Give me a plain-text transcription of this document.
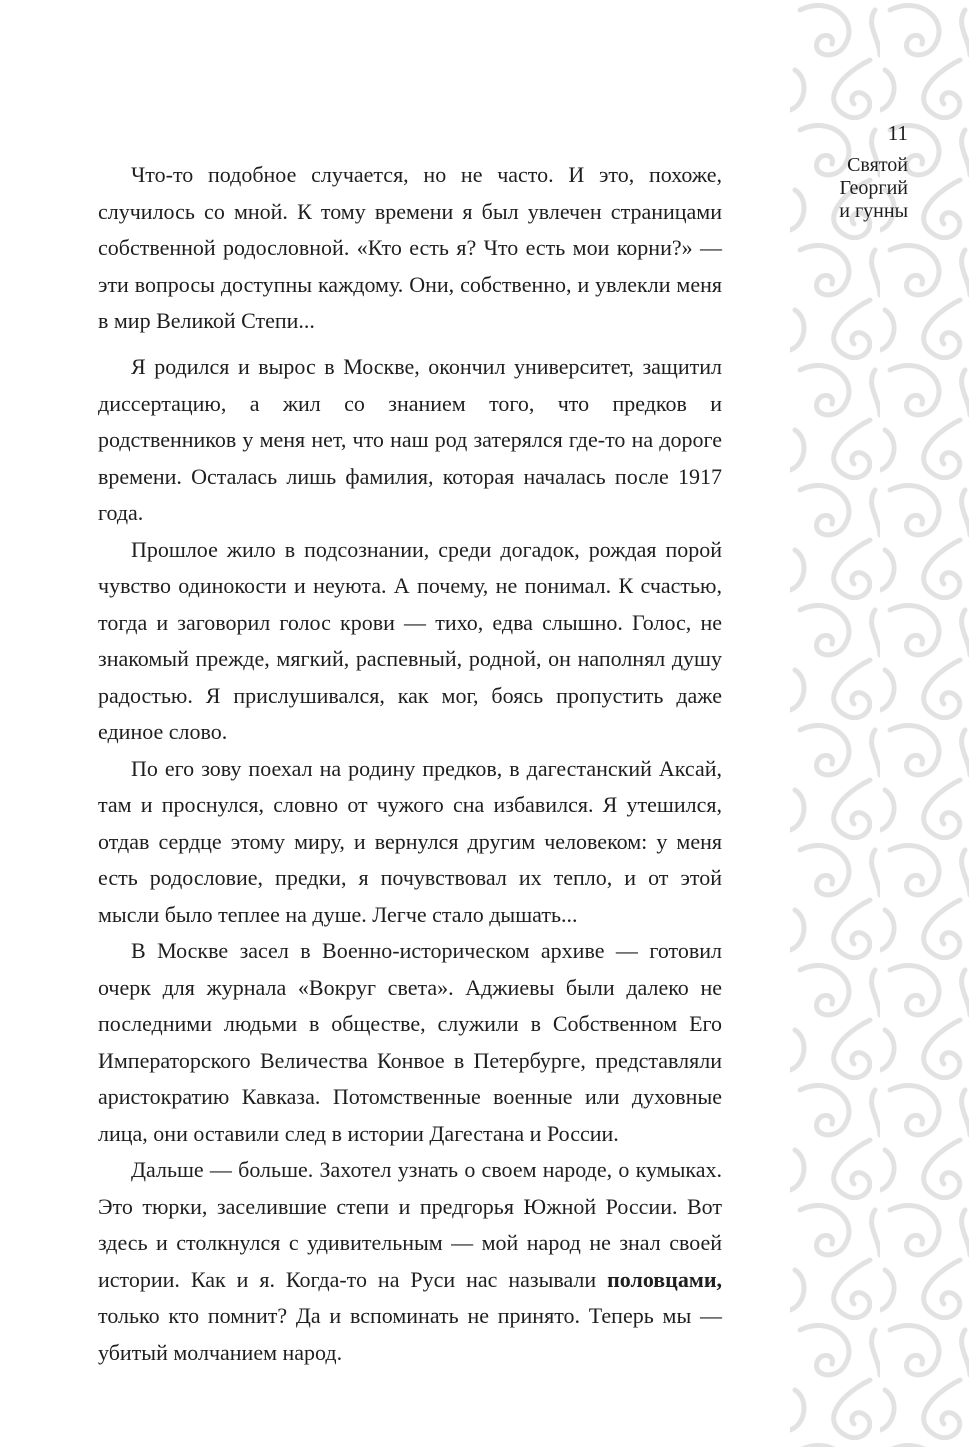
11
Святой
Георгий
и гунны

Что-то подобное случается, но не часто. И это, похоже, случилось со мной. К тому времени я был увлечен страницами собственной родословной. «Кто есть я? Что есть мои корни?» — эти вопросы доступны каждому. Они, собственно, и увлекли меня в мир Великой Степи...

Я родился и вырос в Москве, окончил университет, защитил диссертацию, а жил со знанием того, что предков и родственников у меня нет, что наш род затерялся где-то на дороге времени. Осталась лишь фамилия, которая началась после 1917 года.

Прошлое жило в подсознании, среди догадок, рождая порой чувство одинокости и неуюта. А почему, не понимал. К счастью, тогда и заговорил голос крови — тихо, едва слышно. Голос, не знакомый прежде, мягкий, распевный, родной, он наполнял душу радостью. Я прислушивался, как мог, боясь пропустить даже единое слово.

По его зову поехал на родину предков, в дагестанский Аксай, там и проснулся, словно от чужого сна избавился. Я утешился, отдав сердце этому миру, и вернулся другим человеком: у меня есть родословие, предки, я почувствовал их тепло, и от этой мысли было теплее на душе. Легче стало дышать...

В Москве засел в Военно-историческом архиве — готовил очерк для журнала «Вокруг света». Аджиевы были далеко не последними людьми в обществе, служили в Собственном Его Императорского Величества Конвое в Петербурге, представляли аристократию Кавказа. Потомственные военные или духовные лица, они оставили след в истории Дагестана и России.

Дальше — больше. Захотел узнать о своем народе, о кумыках. Это тюрки, заселившие степи и предгорья Южной России. Вот здесь и столкнулся с удивительным — мой народ не знал своей истории. Как и я. Когда-то на Руси нас называли половцами, только кто помнит? Да и вспоминать не принято. Теперь мы — убитый молчанием народ.
